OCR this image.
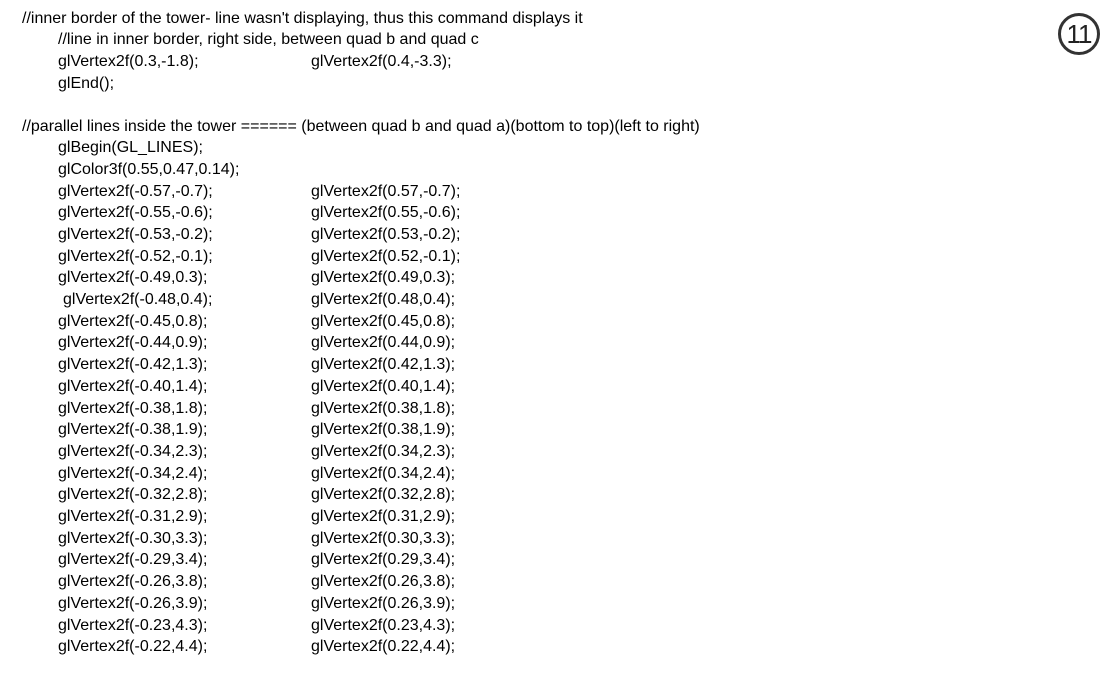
11
//inner border of the tower- line wasn't displaying, thus this command displays it
//line in inner border, right side, between quad b and quad c
glVertex2f(0.3,-1.8);	glVertex2f(0.4,-3.3);
glEnd();
//parallel lines inside the tower ====== (between quad b and quad a)(bottom to top)(left to right)
glBegin(GL_LINES);
glColor3f(0.55,0.47,0.14);
glVertex2f(-0.57,-0.7);	glVertex2f(0.57,-0.7);
glVertex2f(-0.55,-0.6);	glVertex2f(0.55,-0.6);
glVertex2f(-0.53,-0.2);	glVertex2f(0.53,-0.2);
glVertex2f(-0.52,-0.1);	glVertex2f(0.52,-0.1);
glVertex2f(-0.49,0.3);	glVertex2f(0.49,0.3);
glVertex2f(-0.48,0.4);	glVertex2f(0.48,0.4);
glVertex2f(-0.45,0.8);	glVertex2f(0.45,0.8);
glVertex2f(-0.44,0.9);	glVertex2f(0.44,0.9);
glVertex2f(-0.42,1.3);	glVertex2f(0.42,1.3);
glVertex2f(-0.40,1.4);	glVertex2f(0.40,1.4);
glVertex2f(-0.38,1.8);	glVertex2f(0.38,1.8);
glVertex2f(-0.38,1.9);	glVertex2f(0.38,1.9);
glVertex2f(-0.34,2.3);	glVertex2f(0.34,2.3);
glVertex2f(-0.34,2.4);	glVertex2f(0.34,2.4);
glVertex2f(-0.32,2.8);	glVertex2f(0.32,2.8);
glVertex2f(-0.31,2.9);	glVertex2f(0.31,2.9);
glVertex2f(-0.30,3.3);	glVertex2f(0.30,3.3);
glVertex2f(-0.29,3.4);	glVertex2f(0.29,3.4);
glVertex2f(-0.26,3.8);	glVertex2f(0.26,3.8);
glVertex2f(-0.26,3.9);	glVertex2f(0.26,3.9);
glVertex2f(-0.23,4.3);	glVertex2f(0.23,4.3);
glVertex2f(-0.22,4.4);	glVertex2f(0.22,4.4);
